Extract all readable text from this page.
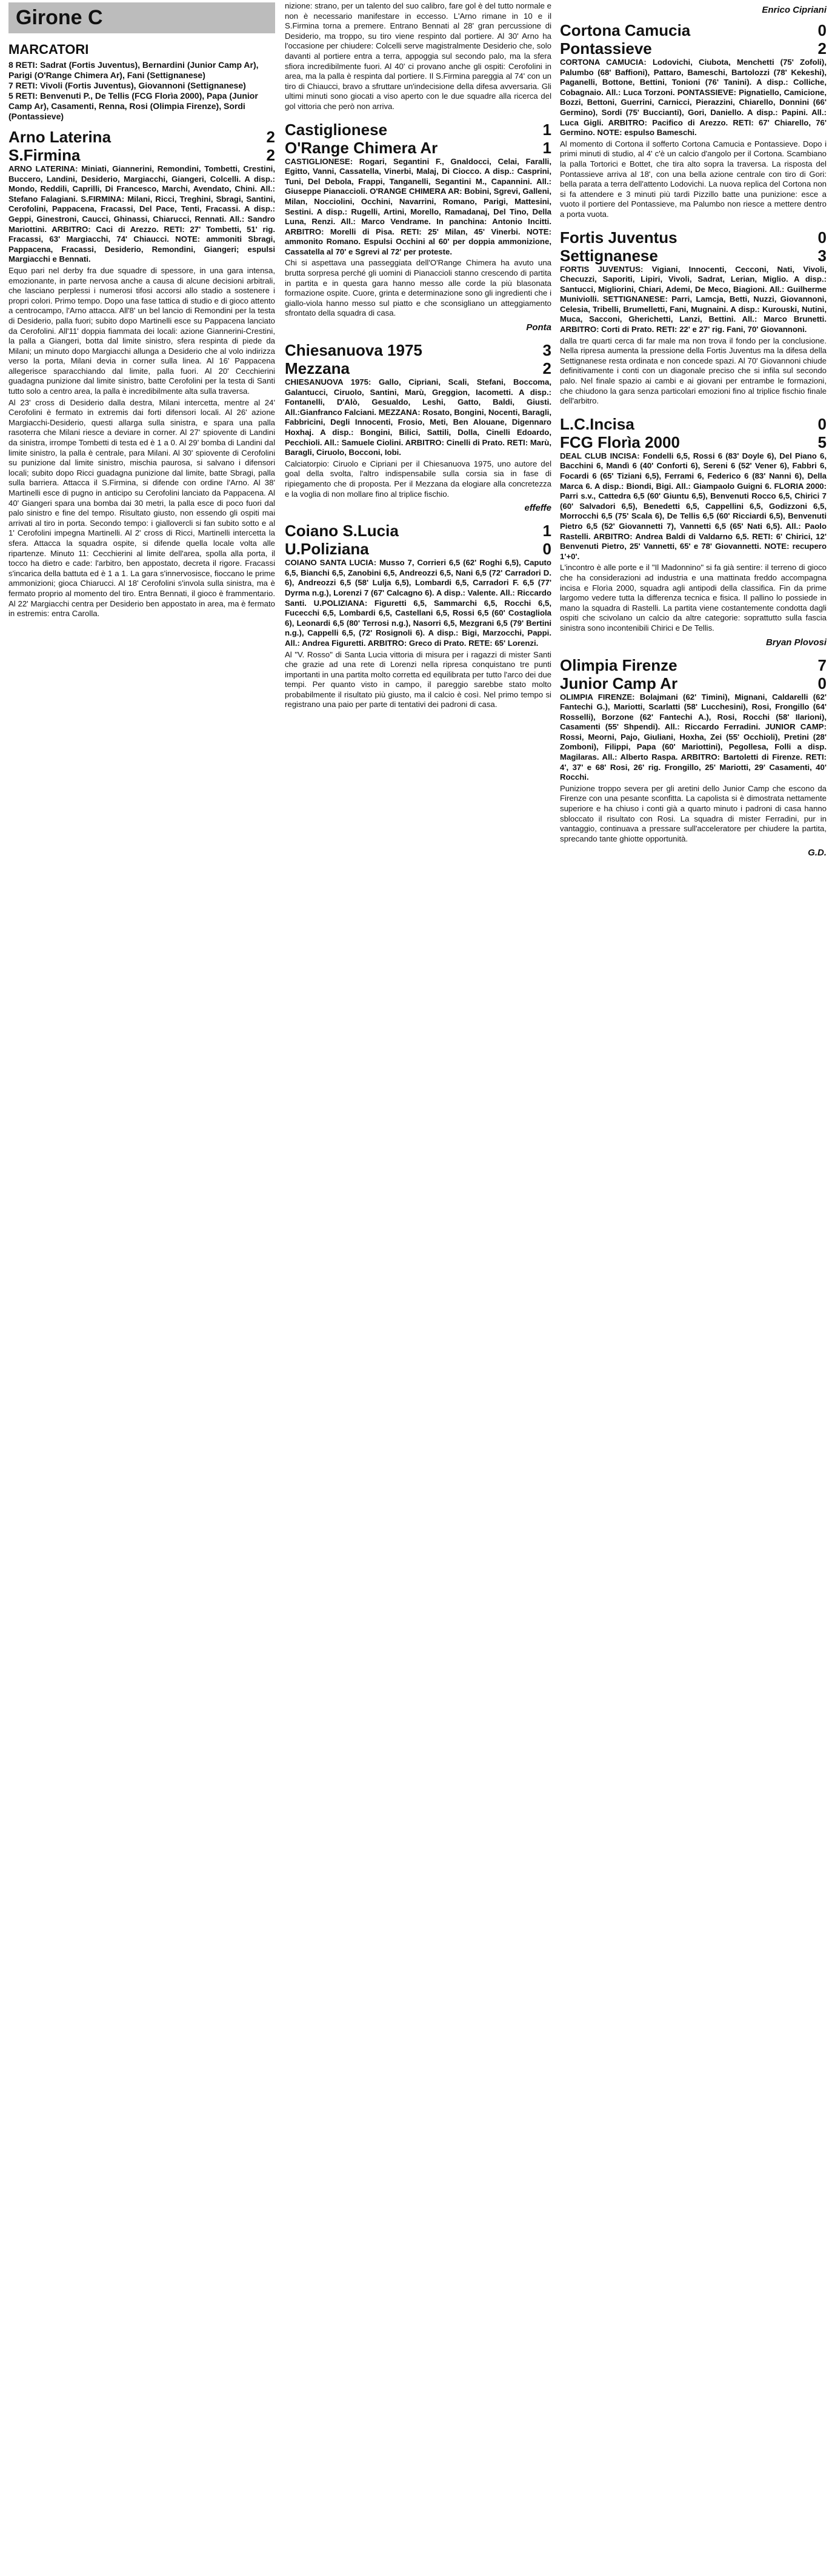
Girone C
MARCATORI
8 RETI: Sadrat (Fortis Juventus), Bernardini (Junior Camp Ar), Parigi (O'Range Chimera Ar), Fani (Settignanese)
7 RETI: Vivoli (Fortis Juventus), Giovannoni (Settignanese)
5 RETI: Benvenuti P., De Tellis (FCG Florìa 2000), Papa (Junior Camp Ar), Casamenti, Renna, Rosi (Olimpia Firenze), Sordi (Pontassieve)
Arno Laterina	2
S.Firmina	2
ARNO LATERINA: Miniati, Giannerini, Remondini, Tombetti, Crestini, Buccero, Landini, Desiderio, Margiacchi, Giangeri, Colcelli. A disp.: Mondo, Reddili, Caprilli, Di Francesco, Marchi, Avendato, Chini. All.: Stefano Falagiani. S.FIRMINA: Milani, Ricci, Treghini, Sbragi, Santini, Cerofolini, Pappacena, Fracassi, Del Pace, Tenti, Fracassi. A disp.: Geppi, Ginestroni, Caucci, Ghinassi, Chiarucci, Rennati. All.: Sandro Mariottini. ARBITRO: Caci di Arezzo. RETI: 27' Tombetti, 51' rig. Fracassi, 63' Margiacchi, 74' Chiaucci. NOTE: ammoniti Sbragi, Pappacena, Fracassi, Desiderio, Remondini, Giangeri; espulsi Margiacchi e Bennati.
Equo pari nel derby fra due squadre di spessore, in una gara intensa, emozionante, in parte nervosa anche a causa di alcune decisioni arbitrali, che lasciano perplessi i numerosi tifosi accorsi allo stadio a sostenere i propri colori. Primo tempo. Dopo una fase tattica di studio e di gioco attento a centrocampo, l'Arno attacca. All'8' un bel lancio di Remondini per la testa di Desiderio, palla fuori; subito dopo Martinelli esce su Pappacena lanciato da Cerofolini. All'11' doppia fiammata dei locali: azione Giannerini-Crestini, la palla a Giangeri, botta dal limite sinistro, sfera respinta di piede da Milani; un minuto dopo Margiacchi allunga a Desiderio che al volo indirizza verso la porta, Milani devia in corner sulla linea. Al 16' Pappacena allegerisce sparacchiando dal limite, palla fuori. Al 20' Cecchierini guadagna punizione dal limite sinistro, batte Cerofolini per la testa di Santi tutto solo a centro area, la palla è incredibilmente alta sulla traversa.
Al 23' cross di Desiderio dalla destra, Milani intercetta, mentre al 24' Cerofolini è fermato in extremis dai forti difensori locali. Al 26' azione Margiacchi-Desiderio, questi allarga sulla sinistra, e spara una palla rasoterra che Milani riesce a deviare in corner. Al 27' spioventе di Landini da sinistra, irrompe Tombetti di testa ed è 1 a 0. Al 29' bomba di Landini dal limite sinistro, la palla è centrale, para Milani. Al 30' spiovente di Cerofolini su punizione dal limite sinistro, mischia paurosa, si salvano i difensori locali; subito dopo Ricci guadagna punizione dal limite, batte Sbragi, palla sulla barriera. Attacca il S.Firmina, si difende con ordine l'Arno. Al 38' Martinelli esce di pugno in anticipo su Cerofolini lanciato da Pappacena. Al 40' Giangeri spara una bomba dai 30 metri, la palla esce di poco fuori dal palo sinistro e fine del tempo. Risultato giusto, non essendo gli ospiti mai arrivati al tiro in porta. Secondo tempo: i giallovercli si fan subito sotto e al 1' Cerofolini impegna Martinelli. Al 2' cross di Ricci, Martinelli intercetta la sfera. Attacca la squadra ospite, si difende quella locale volta alle ripartenze. Minuto 11: Cecchierini al limite dell'area, spolla alla porta, il tocco ha dietro e cade: l'arbitro, ben appostato, decreta il rigore. Fracassi s'incarica della battuta ed è 1 a 1. La gara s'innervosisce, fioccano le prime ammonizioni; gioca Chiarucci. Al 18' Cerofolini s'invola sulla sinistra, ma è fermato proprio al momento del tiro. Entra Bennati, il gioco è frammentario. Al 22' Margiacchi centra per Desiderio ben appostato in area, ma è fermato in estremis: entra Carolla.
nizione: strano, per un talento del suo calibro, fare gol è del tutto normale e non è necessario manifestare in eccesso. L'Arno rimane in 10 e il S.Firmina torna a premere. Entrano Bennati al 28' gran percussione di Desiderio, ma troppo, su tiro viene respinto dal portiere. Al 30' Arno ha l'occasione per chiudere: Colcelli serve magistralmente Desiderio che, solo davanti al portiere entra a terra, appoggia sul secondo palo, ma la sfera sfiora incredibilmente fuori. Al 40' ci provano anche gli ospiti: Cerofolini in area, ma la palla è respinta dal portiere. Il S.Firmina pareggia al 74' con un tiro di Chiaucci, bravo a sfruttare un'indecisione della difesa avversaria. Gli ultimi minuti sono giocati a viso aperto con le due squadre alla ricerca del gol vittoria che però non arriva.
Castiglionese	1
O'Range Chimera Ar	1
CASTIGLIONESE: Rogari, Segantini F., Gnaldocci, Celai, Faralli, Egitto, Vanni, Cassatella, Vinerbi, Malaj, Di Ciocco. A disp.: Casprini, Tuni, Del Debola, Frappi, Tanganelli, Segantini M., Capannini. All.: Giuseppe Pianaccioli. O'RANGE CHIMERA AR: Bobini, Sgrevi, Galleni, Milan, Nocciolini, Occhini, Navarrini, Romano, Parigi, Mattesini, Sestini. A disp.: Rugelli, Artini, Morello, Ramadanaj, Del Tino, Della Luna, Renzi. All.: Marco Vendrame. In panchina: Antonio Incitti. ARBITRO: Morelli di Pisa. RETI: 25' Milan, 45' Vinerbi. NOTE: ammonito Romano. Espulsi Occhini al 60' per doppia ammonizione, Cassatella al 70' e Sgrevi al 72' per proteste.
Chi si aspettava una passeggiata dell'O'Range Chimera ha avuto una brutta sorpresa perché gli uomini di Pianaccioli stanno crescendo di partita in partita e in questa gara hanno messo alle corde la più blasonata formazione ospite. Cuore, grinta e determinazione sono gli ingredienti che i giallo-viola hanno messo sul piatto e che sconsigliano un atteggiamento sfrontato della squadra di casa.
Ponta
Chiesanuova 1975	3
Mezzana	2
CHIESANUOVA 1975: Gallo, Cipriani, Scali, Stefani, Boccoma, Galantucci, Ciruolo, Santini, Marù, Greggion, Iacometti. A disp.: Fontanelli, D'Alò, Gesualdo, Leshi, Gatto, Baldi, Giusti. All.:Gianfranco Falciani. MEZZANA: Rosato, Bongini, Nocenti, Baragli, Fabbricini, Degli Innocenti, Frosio, Meti, Ben Alouane, Digennaro Hoxhaj. A disp.: Bongini, Bilici, Sattili, Dolla, Cinelli Edoardo, Pecchioli. All.: Samuele Ciolini. ARBITRO: Cinelli di Prato. RETI: Marù, Baragli, Ciruolo, Bocconi, Iobi.
Calciatorpio: Ciruolo e Cipriani per il Chiesanuova 1975, uno autore del goal della svolta, l'altro indispensabile sulla corsia sia in fase di ripiegamento che di proposta. Per il Mezzana da elogiare alla concretezza e la voglia di non mollare fino al triplice fischio.
effeffe
Coiano S.Lucia	1
U.Poliziana	0
COIANO SANTA LUCIA: Musso 7, Corrieri 6,5 (62' Roghi 6,5), Caputo 6,5, Bianchi 6,5, Zanobini 6,5, Andreozzi 6,5, Nani 6,5 (72' Carradori D. 6), Andreozzi 6,5 (58' Lulja 6,5), Lombardi 6,5, Carradori F. 6,5 (77' Dyrma n.g.), Lorenzi 7 (67' Calcagno 6). A disp.: Valente. All.: Riccardo Santi. U.POLIZIANA: Figuretti 6,5, Sammarchi 6,5, Rocchi 6,5, Fucecchi 6,5, Lombardi 6,5, Castellani 6,5, Rossi 6,5 (60' Costagliola 6), Leonardi 6,5 (80' Terrosi n.g.), Nasorri 6,5, Mezgrani 6,5 (79' Bertini n.g.), Cappelli 6,5, (72' Rosignoli 6). A disp.: Bigi, Marzocchi, Pappi. All.: Andrea Figuretti. ARBITRO: Greco di Prato. RETE: 65' Lorenzi.
Al "V. Rosso" di Santa Lucia vittoria di misura per i ragazzi di mister Santi che grazie ad una rete di Lorenzi nella ripresa conquistano tre punti importanti in una partita molto corretta ed equilibrata per tutto l'arco dei due tempi. Per quanto visto in campo, il pareggio sarebbe stato molto probabilmente il risultato più giusto, ma il calcio è così. Nel primo tempo si registrano una paio per parte di tentativi dei padroni di casa.
Enrico Cipriani
Cortona Camucia	0
Pontassieve	2
CORTONA CAMUCIA: Lodovichi, Ciubota, Menchetti (75' Zofoli), Palumbo (68' Baffioni), Pattaro, Bameschi, Bartolozzi (78' Kekeshi), Paganelli, Bottone, Bettini, Tonioni (76' Tanini). A disp.: Colliche, Cobagnaio. All.: Luca Torzoni. PONTASSIEVE: Pignatiello, Camicione, Bozzi, Bettoni, Guerrini, Carnicci, Pierazzini, Chiarello, Donnini (66' Germino), Sordi (75' Buccianti), Gori, Daniello. A disp.: Papini. All.: Luca Gigli. ARBITRO: Pacifico di Arezzo. RETI: 67' Chiarello, 76' Germino. NOTE: espulso Bameschi.
Al momento di Cortona il sofferto Cortona Camucia e Pontassieve. Dopo i primi minuti di studio, al 4' c'è un calcio d'angolo per il Cortona. Scambiano la palla Tortorici e Bottet, che tira alto sopra la traversa. La risposta del Pontassieve arriva al 18', con una bella azione centrale con tiro di Gori: bella parata a terra dell'attento Lodovichi. La nuova replica del Cortona non si fa attendere e 3 minuti più tardi Pizzillo batte una punizione: esce a vuoto il portiere del Pontassieve, ma Palumbo non riesce a mettere dentro a porta vuota.
Fortis Juventus	0
Settignanese	3
FORTIS JUVENTUS: Vigiani, Innocenti, Cecconi, Nati, Vivoli, Checuzzi, Saporiti, Lipiri, Vivoli, Sadrat, Lerian, Miglio. A disp.: Santucci, Migliorini, Chiari, Ademi, De Meco, Biagioni. All.: Guilherme Muniviolli. SETTIGNANESE: Parri, Lamcja, Betti, Nuzzi, Giovannoni, Celesia, Tribelli, Brumelletti, Fani, Mugnaini. A disp.: Kurouski, Nutini, Muca, Sacconi, Gherichetti, Lanzi, Bettini. All.: Marco Brunetti. ARBITRO: Corti di Prato. RETI: 22' e 27' rig. Fani, 70' Giovannoni.
dalla tre quarti cerca di far male ma non trova il fondo per la conclusione. Nella ripresa aumenta la pressione della Fortis Juventus ma la difesa della Settignanese resta ordinata e non concede spazi. Al 70' Giovannoni chiude definitivamente i conti con un diagonale preciso che si infila sul secondo palo. Nel finale spazio ai cambi e ai giovani per entrambe le formazioni, che chiudono la gara senza particolari emozioni fino al triplice fischio finale dell'arbitro.
L.C.Incisa	0
FCG Florìa 2000	5
DEAL CLUB INCISA: Fondelli 6,5, Rossi 6 (83' Doyle 6), Del Piano 6, Bacchini 6, Mandì 6 (40' Conforti 6), Sereni 6 (52' Vener 6), Fabbri 6, Focardi 6 (65' Tiziani 6,5), Ferrami 6, Federico 6 (83' Nanni 6), Della Marca 6. A disp.: Biondi, Bigi. All.: Giampaolo Guigni 6. FLORIA 2000: Parri s.v., Cattedra 6,5 (60' Giuntu 6,5), Benvenuti Rocco 6,5, Chirici 7 (60' Salvadori 6,5), Benedetti 6,5, Cappellini 6,5, Godizzoni 6,5, Morrocchi 6,5 (75' Scala 6), De Tellis 6,5 (60' Ricciardi 6,5), Benvenuti Pietro 6,5 (52' Giovannetti 7), Vannetti 6,5 (65' Nati 6,5). All.: Paolo Rastelli. ARBITRO: Andrea Baldi di Valdarno 6,5. RETI: 6' Chirici, 12' Benvenuti Pietro, 25' Vannetti, 65' e 78' Giovannetti. NOTE: recupero 1'+0'.
L'incontro è alle porte e il "Il Madonnino" si fa già sentire: il terreno di gioco che ha considerazioni ad industria e una mattinata freddo accompagna incisa e Florìa 2000, squadra agli antipodi della classifica. Fin da prime largomo vedere tutta la differenza tecnica e fisica. Il pallino lo possiede in mano la squadra di Rastelli. La partita viene costantemente condotta dagli ospiti che scivolano un calcio da altre categorie: soprattutto sulla fascia sinistra sono incontenibili Chirici e De Tellis.
Bryan Plovosi
Olimpia Firenze	7
Junior Camp Ar	0
OLIMPIA FIRENZE: Bolajmani (62' Timini), Mignani, Caldarelli (62' Fantechi G.), Mariotti, Scarlatti (58' Lucchesini), Rosi, Frongillo (64' Rosselli), Borzone (62' Fantechi A.), Rosi, Rocchi (58' Ilarioni), Casamenti (55' Shpendi). All.: Riccardo Ferradini. JUNIOR CAMP: Rossi, Meorni, Pajo, Giuliani, Hoxha, Zei (55' Occhioli), Pretini (28' Zomboni), Filippi, Papa (60' Mariottini), Pegollesa, Folli a disp. Magilaras. All.: Alberto Raspa. ARBITRO: Bartoletti di Firenze. RETI: 4', 37' e 68' Rosi, 26' rig. Frongillo, 25' Mariotti, 29' Casamenti, 40' Rocchi.
Punizione troppo severa per gli aretini dello Junior Camp che escono da Firenze con una pesante sconfitta. La capolista si è dimostrata nettamente superiore e ha chiuso i conti già a quarto minuto i padroni di casa hanno sbloccato il risultato con Rosi. La squadra di mister Ferradini, pur in vantaggio, continuava a pressare sull'acceleratore per chiudere la partita, sprecando tante ghiotte opportunità.
G.D.
